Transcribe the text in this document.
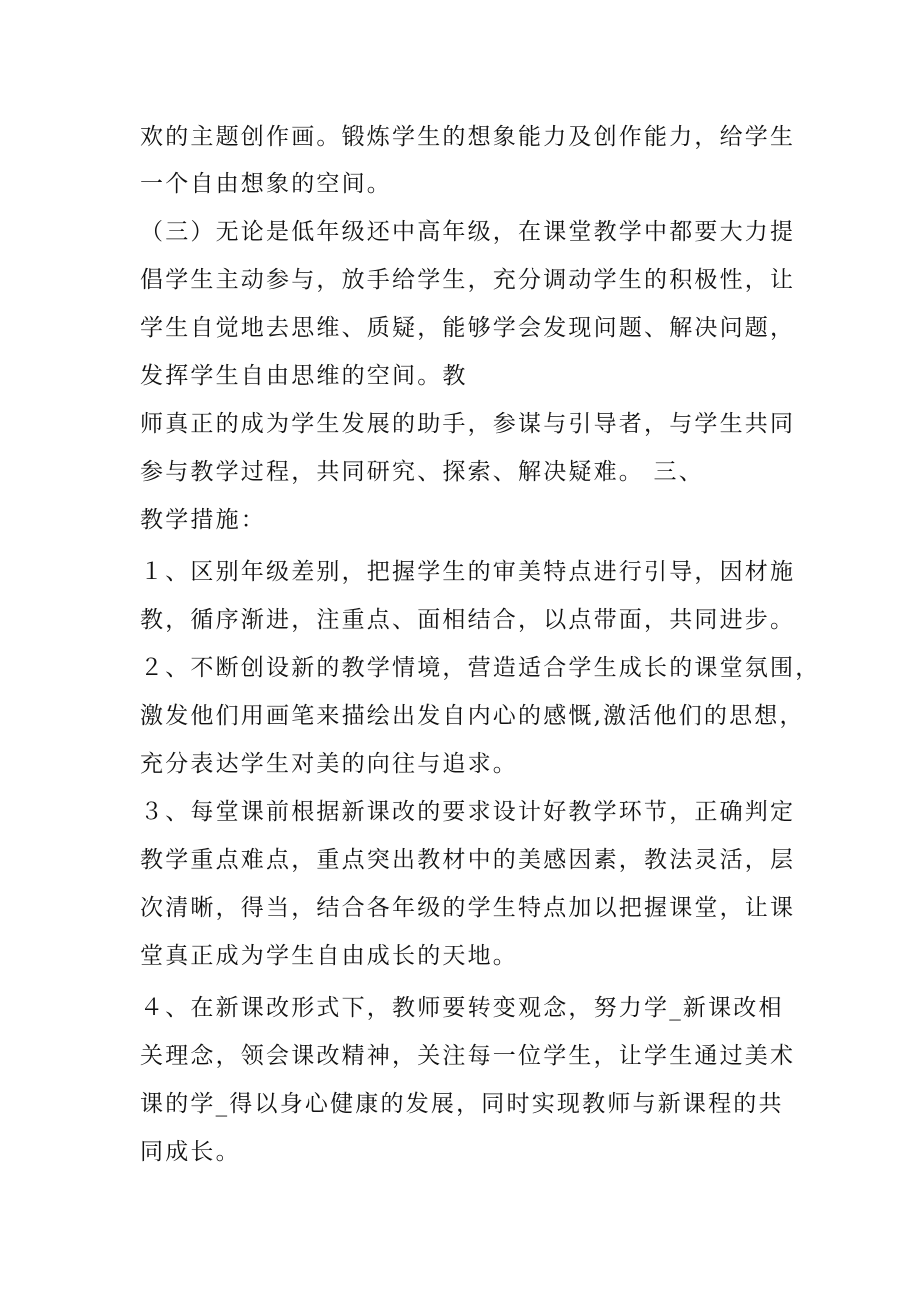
欢的主题创作画。锻炼学生的想象能力及创作能力，给学生
一个自由想象的空间。
（三）无论是低年级还中高年级，在课堂教学中都要大力提
倡学生主动参与，放手给学生，充分调动学生的积极性，让
学生自觉地去思维、质疑，能够学会发现问题、解决问题，
发挥学生自由思维的空间。教
师真正的成为学生发展的助手，参谋与引导者，与学生共同
参与教学过程，共同研究、探索、解决疑难。 三、
教学措施：
１、区别年级差别，把握学生的审美特点进行引导，因材施
教，循序渐进，注重点、面相结合，以点带面，共同进步。
２、不断创设新的教学情境，营造适合学生成长的课堂氛围，
激发他们用画笔来描绘出发自内心的感慨,激活他们的思想，
充分表达学生对美的向往与追求。
３、每堂课前根据新课改的要求设计好教学环节，正确判定
教学重点难点，重点突出教材中的美感因素，教法灵活，层
次清晰，得当，结合各年级的学生特点加以把握课堂，让课
堂真正成为学生自由成长的天地。
４、在新课改形式下，教师要转变观念，努力学_新课改相
关理念，领会课改精神，关注每一位学生，让学生通过美术
课的学_得以身心健康的发展，同时实现教师与新课程的共
同成长。
